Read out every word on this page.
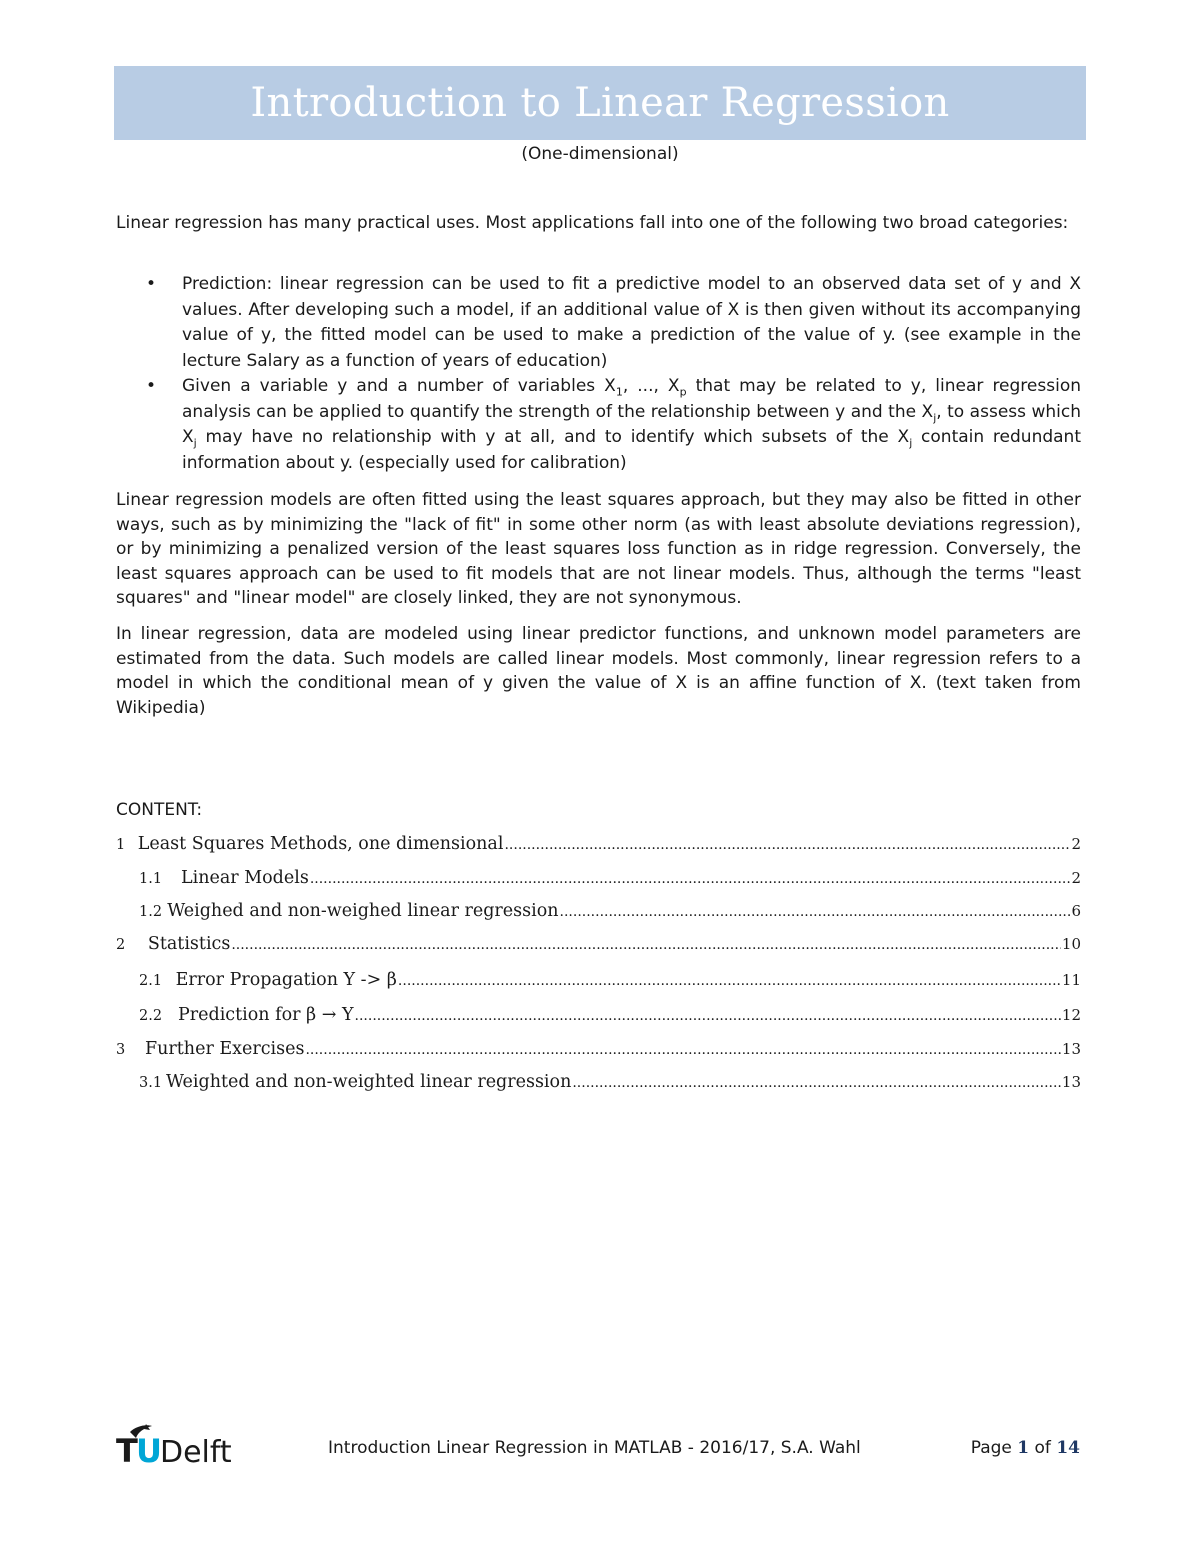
Introduction to Linear Regression
(One-dimensional)

Linear regression has many practical uses. Most applications fall into one of the following two broad categories:

• Prediction: linear regression can be used to fit a predictive model to an observed data set of y and X values. After developing such a model, if an additional value of X is then given without its accompanying value of y, the fitted model can be used to make a prediction of the value of y. (see example in the lecture Salary as a function of years of education)
• Given a variable y and a number of variables $X_1$, ..., $X_p$ that may be related to y, linear regression analysis can be applied to quantify the strength of the relationship between y and the $X_j$, to assess which $X_j$ may have no relationship with y at all, and to identify which subsets of the $X_j$ contain redundant information about y. (especially used for calibration)

Linear regression models are often fitted using the least squares approach, but they may also be fitted in other ways, such as by minimizing the "lack of fit" in some other norm (as with least absolute deviations regression), or by minimizing a penalized version of the least squares loss function as in ridge regression. Conversely, the least squares approach can be used to fit models that are not linear models. Thus, although the terms "least squares" and "linear model" are closely linked, they are not synonymous.

In linear regression, data are modeled using linear predictor functions, and unknown model parameters are estimated from the data. Such models are called linear models. Most commonly, linear regression refers to a model in which the conditional mean of y given the value of X is an affine function of X. (text taken from Wikipedia)

CONTENT:
1 Least Squares Methods, one dimensional .....	2
1.1	Linear Models .....	2
1.2 Weighed and non-weighed linear regression .....	6
2	Statistics .....	10
2.1 Error Propagation Y -> β .....	11
2.2 Prediction for β → Y .....	12
3	Further Exercises .....	13
3.1 Weighted and non-weighted linear regression .....	13
T
U
Delft	Introduction Linear Regression in MATLAB - 2016/17, S.A. Wahl	Page 1 of 14
